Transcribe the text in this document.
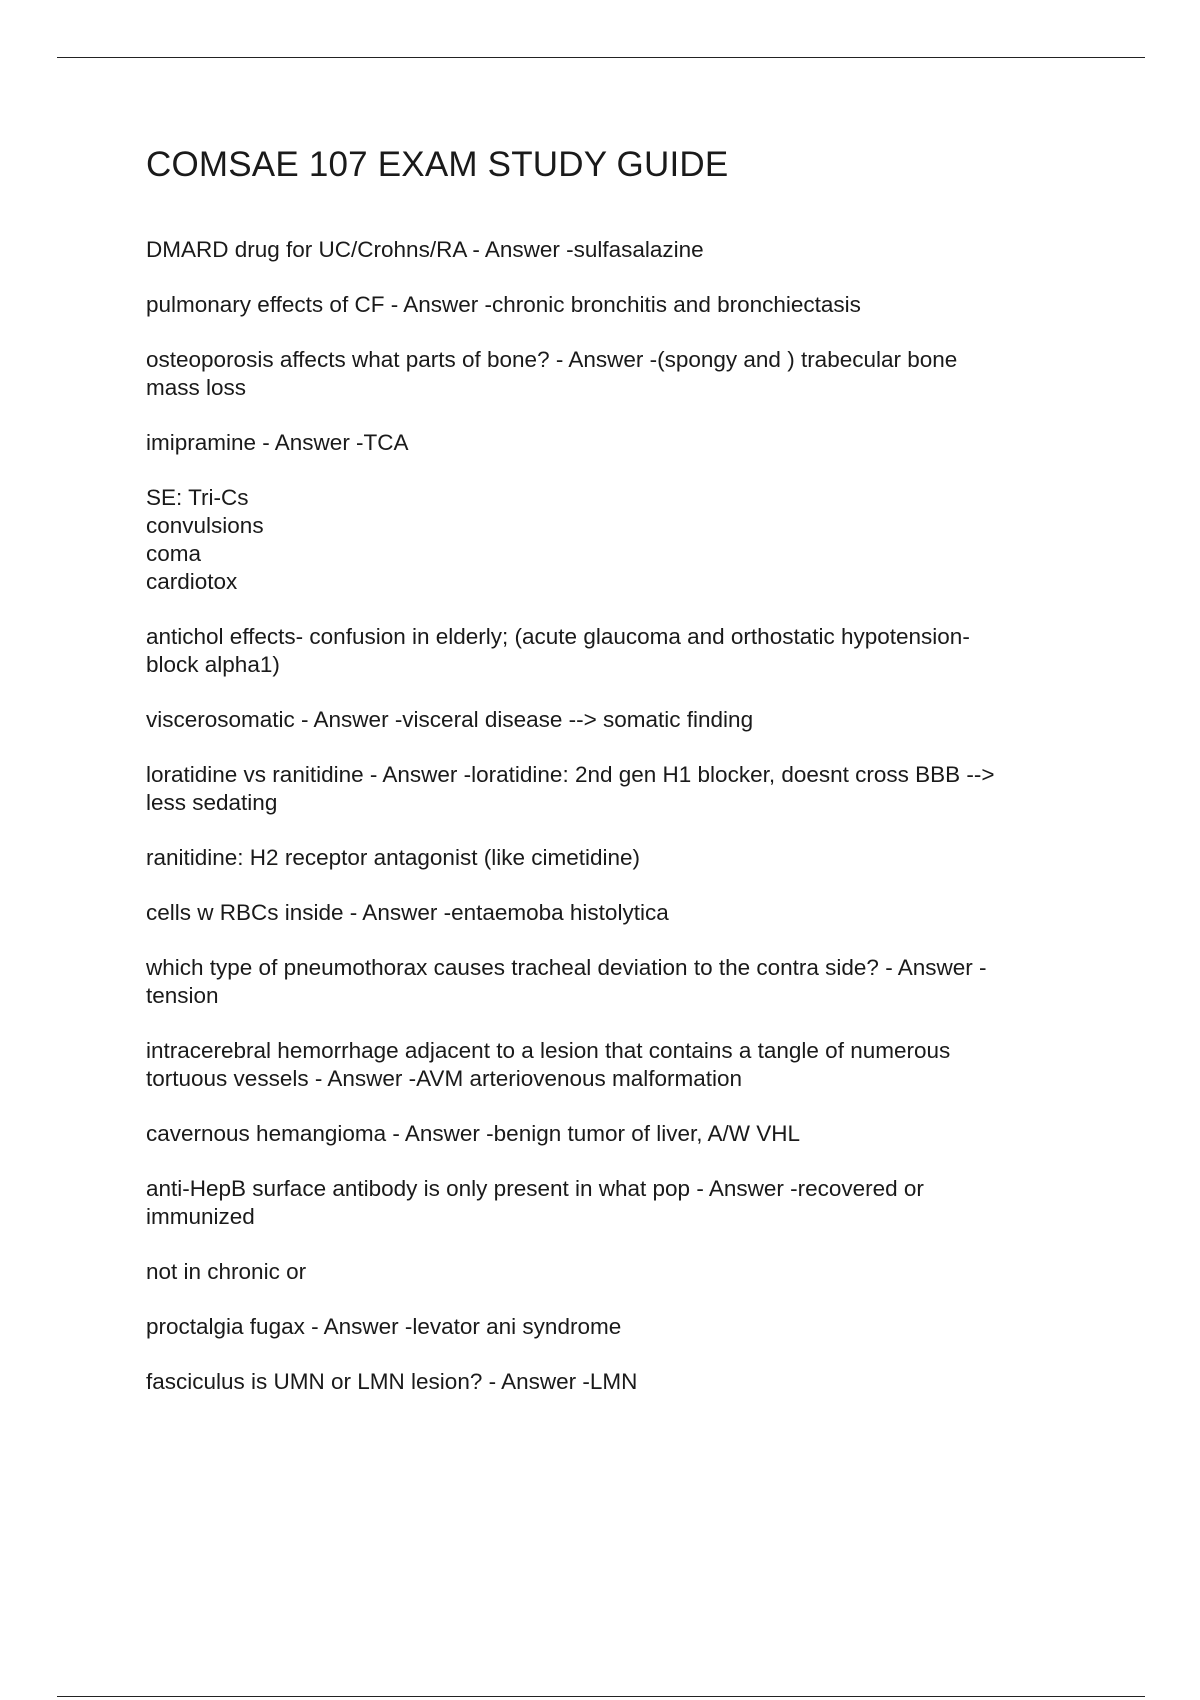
COMSAE 107 EXAM STUDY GUIDE
DMARD drug for UC/Crohns/RA - Answer -sulfasalazine
pulmonary effects of CF - Answer -chronic bronchitis and bronchiectasis
osteoporosis affects what parts of bone? - Answer -(spongy and ) trabecular bone
mass loss
imipramine - Answer -TCA
SE: Tri-Cs
convulsions
coma
cardiotox
antichol effects- confusion in elderly; (acute glaucoma and orthostatic hypotension-
block alpha1)
viscerosomatic - Answer -visceral disease --> somatic finding
loratidine vs ranitidine - Answer -loratidine: 2nd gen H1 blocker, doesnt cross BBB -->
less sedating
ranitidine: H2 receptor antagonist (like cimetidine)
cells w RBCs inside - Answer -entaemoba histolytica
which type of pneumothorax causes tracheal deviation to the contra side? - Answer -
tension
intracerebral hemorrhage adjacent to a lesion that contains a tangle of numerous
tortuous vessels - Answer -AVM arteriovenous malformation
cavernous hemangioma - Answer -benign tumor of liver, A/W VHL
anti-HepB surface antibody is only present in what pop - Answer -recovered or
immunized
not in chronic or
proctalgia fugax - Answer -levator ani syndrome
fasciculus is UMN or LMN lesion? - Answer -LMN
